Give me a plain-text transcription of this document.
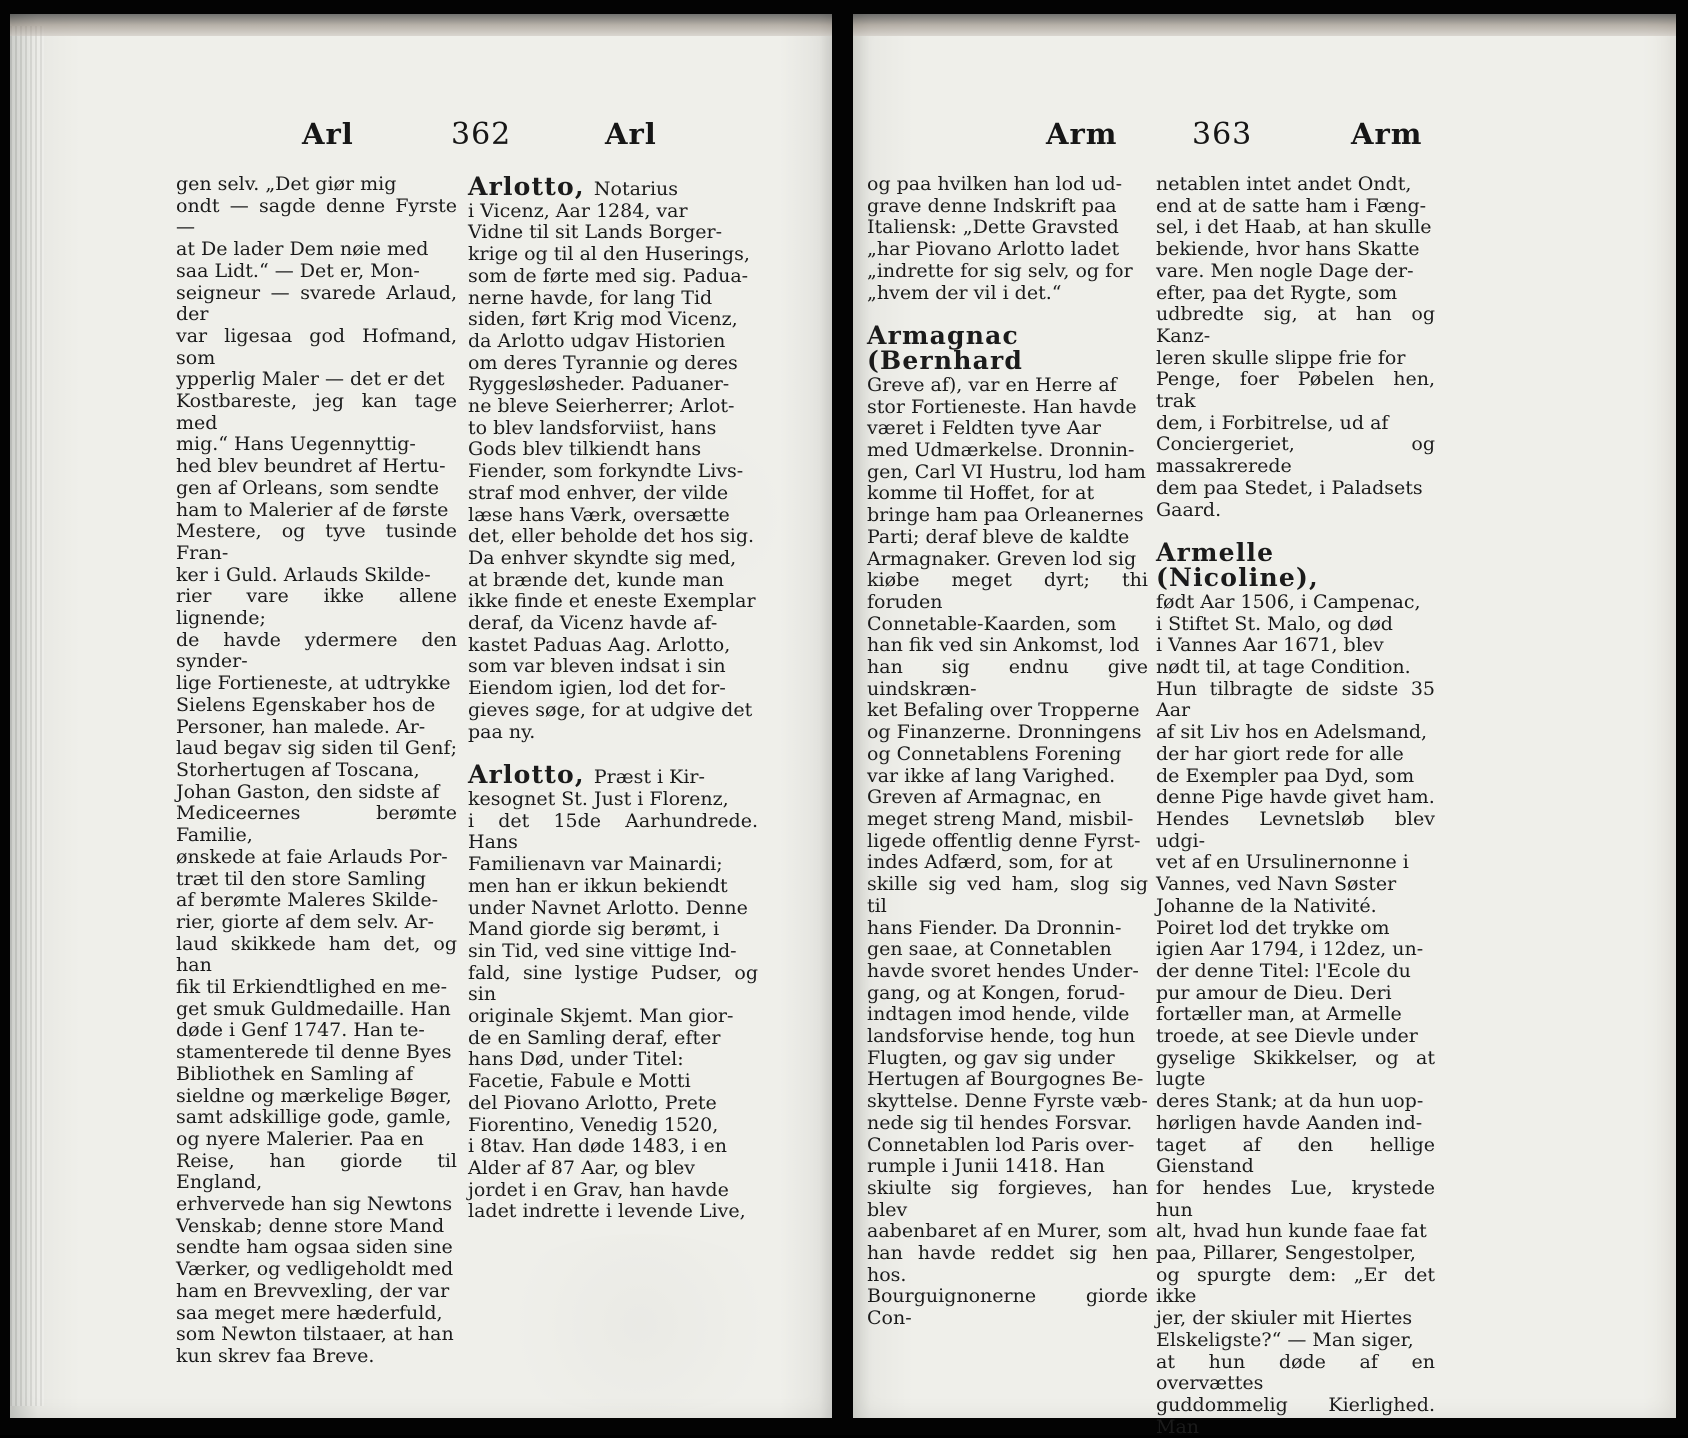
Arl	362	Arl

gen selv. „Det giør mig
ondt — sagde denne Fyrste —
at De lader Dem nøie med
saa Lidt.“ — Det er, Mon-
seigneur — svarede Arlaud, der
var ligesaa god Hofmand, som
ypperlig Maler — det er det
Kostbareste, jeg kan tage med
mig.“ Hans Uegennyttig-
hed blev beundret af Hertu-
gen af Orleans, som sendte
ham to Malerier af de første
Mestere, og tyve tusinde Fran-
ker i Guld. Arlauds Skilde-
rier vare ikke allene lignende;
de havde ydermere den synder-
lige Fortieneste, at udtrykke
Sielens Egenskaber hos de
Personer, han malede. Ar-
laud begav sig siden til Genf;
Storhertugen af Toscana,
Johan Gaston, den sidste af
Mediceernes berømte Familie,
ønskede at faie Arlauds Por-
træt til den store Samling
af berømte Maleres Skilde-
rier, giorte af dem selv. Ar-
laud skikkede ham det, og han
fik til Erkiendtlighed en me-
get smuk Guldmedaille. Han
døde i Genf 1747. Han te-
stamenterede til denne Byes
Bibliothek en Samling af
sieldne og mærkelige Bøger,
samt adskillige gode, gamle,
og nyere Malerier. Paa en
Reise, han giorde til England,
erhvervede han sig Newtons
Venskab; denne store Mand
sendte ham ogsaa siden sine
Værker, og vedligeholdt med
ham en Brevvexling, der var
saa meget mere hæderfuld,
som Newton tilstaaer, at han
kun skrev faa Breve.

Arlotto, Notarius
i Vicenz, Aar 1284, var
Vidne til sit Lands Borger-
krige og til al den Huserings,
som de førte med sig. Padua-
nerne havde, for lang Tid
siden, ført Krig mod Vicenz,
da Arlotto udgav Historien
om deres Tyrannie og deres
Ryggesløsheder. Paduaner-
ne bleve Seierherrer; Arlot-
to blev landsforviist, hans
Gods blev tilkiendt hans
Fiender, som forkyndte Livs-
straf mod enhver, der vilde
læse hans Værk, oversætte
det, eller beholde det hos sig.
Da enhver skyndte sig med,
at brænde det, kunde man
ikke finde et eneste Exemplar
deraf, da Vicenz havde af-
kastet Paduas Aag. Arlotto,
som var bleven indsat i sin
Eiendom igien, lod det for-
gieves søge, for at udgive det
paa ny.

Arlotto, Præst i Kir-
kesognet St. Just i Florenz,
i det 15de Aarhundrede. Hans
Familienavn var Mainardi;
men han er ikkun bekiendt
under Navnet Arlotto. Denne
Mand giorde sig berømt, i
sin Tid, ved sine vittige Ind-
fald, sine lystige Pudser, og sin
originale Skjemt. Man gior-
de en Samling deraf, efter
hans Død, under Titel:
Facetie, Fabule e Motti
del Piovano Arlotto, Prete
Fiorentino, Venedig 1520,
i 8tav. Han døde 1483, i en
Alder af 87 Aar, og blev
jordet i en Grav, han havde
ladet indrette i levende Live,

Arm 363	Arm

og paa hvilken han lod ud-
grave denne Indskrift paa
Italiensk: „Dette Gravsted
„har Piovano Arlotto ladet
„indrette for sig selv, og for
„hvem der vil i det.“

Armagnac (Bernhard
Greve af), var en Herre af
stor Fortieneste. Han havde
været i Feldten tyve Aar
med Udmærkelse. Dronnin-
gen, Carl VI Hustru, lod ham
komme til Hoffet, for at
bringe ham paa Orleanernes
Parti; deraf bleve de kaldte
Armagnaker. Greven lod sig
kiøbe meget dyrt; thi foruden
Connetable-Kaarden, som
han fik ved sin Ankomst, lod
han sig endnu give uindskræn-
ket Befaling over Tropperne
og Finanzerne. Dronningens
og Connetablens Forening
var ikke af lang Varighed.
Greven af Armagnac, en
meget streng Mand, misbil-
ligede offentlig denne Fyrst-
indes Adfærd, som, for at
skille sig ved ham, slog sig til
hans Fiender. Da Dronnin-
gen saae, at Connetablen
havde svoret hendes Under-
gang, og at Kongen, forud-
indtagen imod hende, vilde
landsforvise hende, tog hun
Flugten, og gav sig under
Hertugen af Bourgognes Be-
skyttelse. Denne Fyrste væb-
nede sig til hendes Forsvar.
Connetablen lod Paris over-
rumple i Junii 1418. Han
skiulte sig forgieves, han blev
aabenbaret af en Murer, som
han havde reddet sig hen hos.
Bourguignonerne giorde Con-

netablen intet andet Ondt,
end at de satte ham i Fæng-
sel, i det Haab, at han skulle
bekiende, hvor hans Skatte
vare. Men nogle Dage der-
efter, paa det Rygte, som
udbredte sig, at han og Kanz-
leren skulle slippe frie for
Penge, foer Pøbelen hen, trak
dem, i Forbitrelse, ud af
Conciergeriet, og massakrerede
dem paa Stedet, i Paladsets
Gaard.

Armelle (Nicoline),
født Aar 1506, i Campenac,
i Stiftet St. Malo, og død
i Vannes Aar 1671, blev
nødt til, at tage Condition.
Hun tilbragte de sidste 35 Aar
af sit Liv hos en Adelsmand,
der har giort rede for alle
de Exempler paa Dyd, som
denne Pige havde givet ham.
Hendes Levnetsløb blev udgi-
vet af en Ursulinernonne i
Vannes, ved Navn Søster
Johanne de la Nativité.
Poiret lod det trykke om
igien Aar 1794, i 12dez, un-
der denne Titel: l'Ecole du
pur amour de Dieu. Deri
fortæller man, at Armelle
troede, at see Dievle under
gyselige Skikkelser, og at lugte
deres Stank; at da hun uop-
hørligen havde Aanden ind-
taget af den hellige Gienstand
for hendes Lue, krystede hun
alt, hvad hun kunde faae fat
paa, Pillarer, Sengestolper,
og spurgte dem: „Er det ikke
jer, der skiuler mit Hiertes
Elskeligste?“ — Man siger,
at hun døde af en overvættes
guddommelig Kierlighed. Man
